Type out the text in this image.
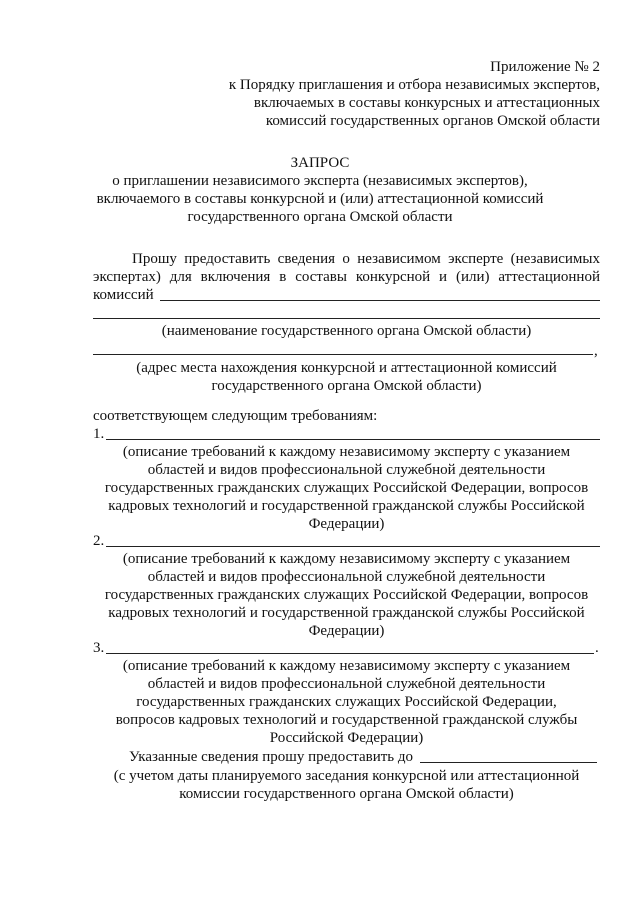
Приложение № 2
к Порядку приглашения и отбора независимых экспертов,
включаемых в составы конкурсных и аттестационных
комиссий государственных органов Омской области
ЗАПРОС
о приглашении независимого эксперта (независимых экспертов),
включаемого в составы конкурсной и (или) аттестационной комиссий
государственного органа Омской области
Прошу предоставить сведения о независимом эксперте (независимых
экспертах) для включения в составы конкурсной и (или) аттестационной
комиссий
(наименование государственного органа Омской области)
,
(адрес места нахождения конкурсной и аттестационной комиссий
государственного органа Омской области)
соответствующем следующим требованиям:
1.
(описание требований к каждому независимому эксперту с указанием
областей и видов профессиональной служебной деятельности
государственных гражданских служащих Российской Федерации, вопросов
кадровых технологий и государственной гражданской службы Российской
Федерации)
2.
(описание требований к каждому независимому эксперту с указанием
областей и видов профессиональной служебной деятельности
государственных гражданских служащих Российской Федерации, вопросов
кадровых технологий и государственной гражданской службы Российской
Федерации)
3.	.
(описание требований к каждому независимому эксперту с указанием
областей и видов профессиональной служебной деятельности
государственных гражданских служащих Российской Федерации,
вопросов кадровых технологий и государственной гражданской службы
Российской Федерации)
Указанные сведения прошу предоставить до
(с учетом даты планируемого заседания конкурсной или аттестационной
комиссии государственного органа Омской области)
